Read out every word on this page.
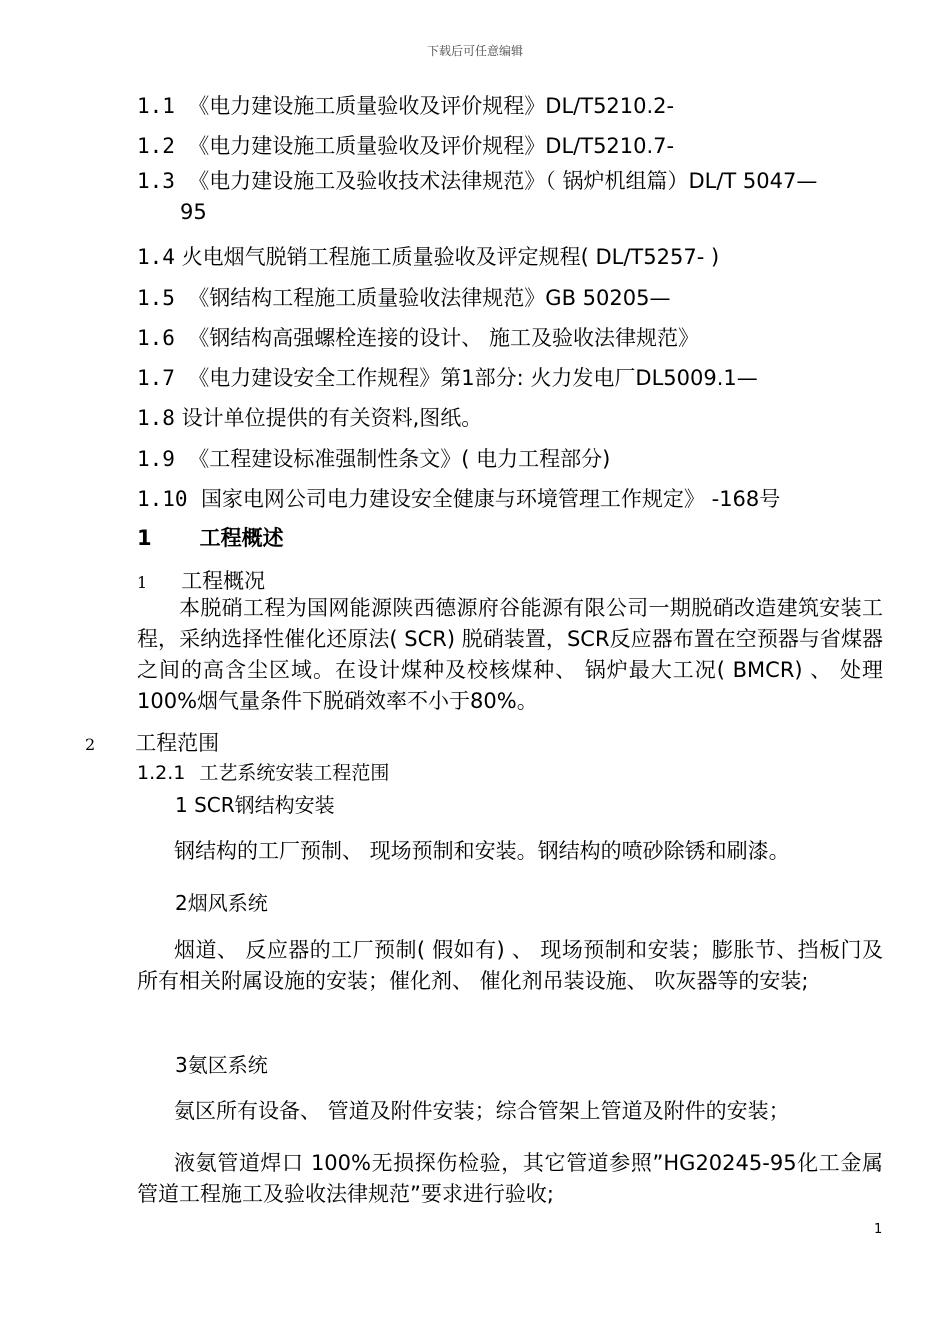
下载后可任意编辑
1.1 《电力建设施工质量验收及评价规程》DL/T5210.2-
1.2 《电力建设施工质量验收及评价规程》DL/T5210.7-
1.3 《电力建设施工及验收技术法律规范》（ 锅炉机组篇）DL/T 5047—
95
1.4 火电烟气脱销工程施工质量验收及评定规程( DL/T5257- )
1.5 《钢结构工程施工质量验收法律规范》GB 50205—
1.6 《钢结构高强螺栓连接的设计、 施工及验收法律规范》
1.7 《电力建设安全工作规程》第1部分: 火力发电厂DL5009.1—
1.8 设计单位提供的有关资料,图纸。
1.9 《工程建设标准强制性条文》( 电力工程部分)
1.10 国家电网公司电力建设安全健康与环境管理工作规定》 -168号
1 工程概述
1 工程概况
本脱硝工程为国网能源陕西德源府谷能源有限公司一期脱硝改造建筑安装工程，采纳选择性催化还原法( SCR) 脱硝装置，SCR反应器布置在空预器与省煤器之间的高含尘区域。在设计煤种及校核煤种、 锅炉最大工况( BMCR) 、 处理100%烟气量条件下脱硝效率不小于80%。
2 工程范围
1.2.1 工艺系统安装工程范围
1 SCR钢结构安装
钢结构的工厂预制、 现场预制和安装。钢结构的喷砂除锈和刷漆。
2烟风系统
烟道、 反应器的工厂预制( 假如有) 、 现场预制和安装；膨胀节、挡板门及所有相关附属设施的安装；催化剂、 催化剂吊装设施、 吹灰器等的安装;
3氨区系统
氨区所有设备、 管道及附件安装；综合管架上管道及附件的安装；
液氨管道焊口 100%无损探伤检验，其它管道参照”HG20245-95化工金属管道工程施工及验收法律规范”要求进行验收;
1
